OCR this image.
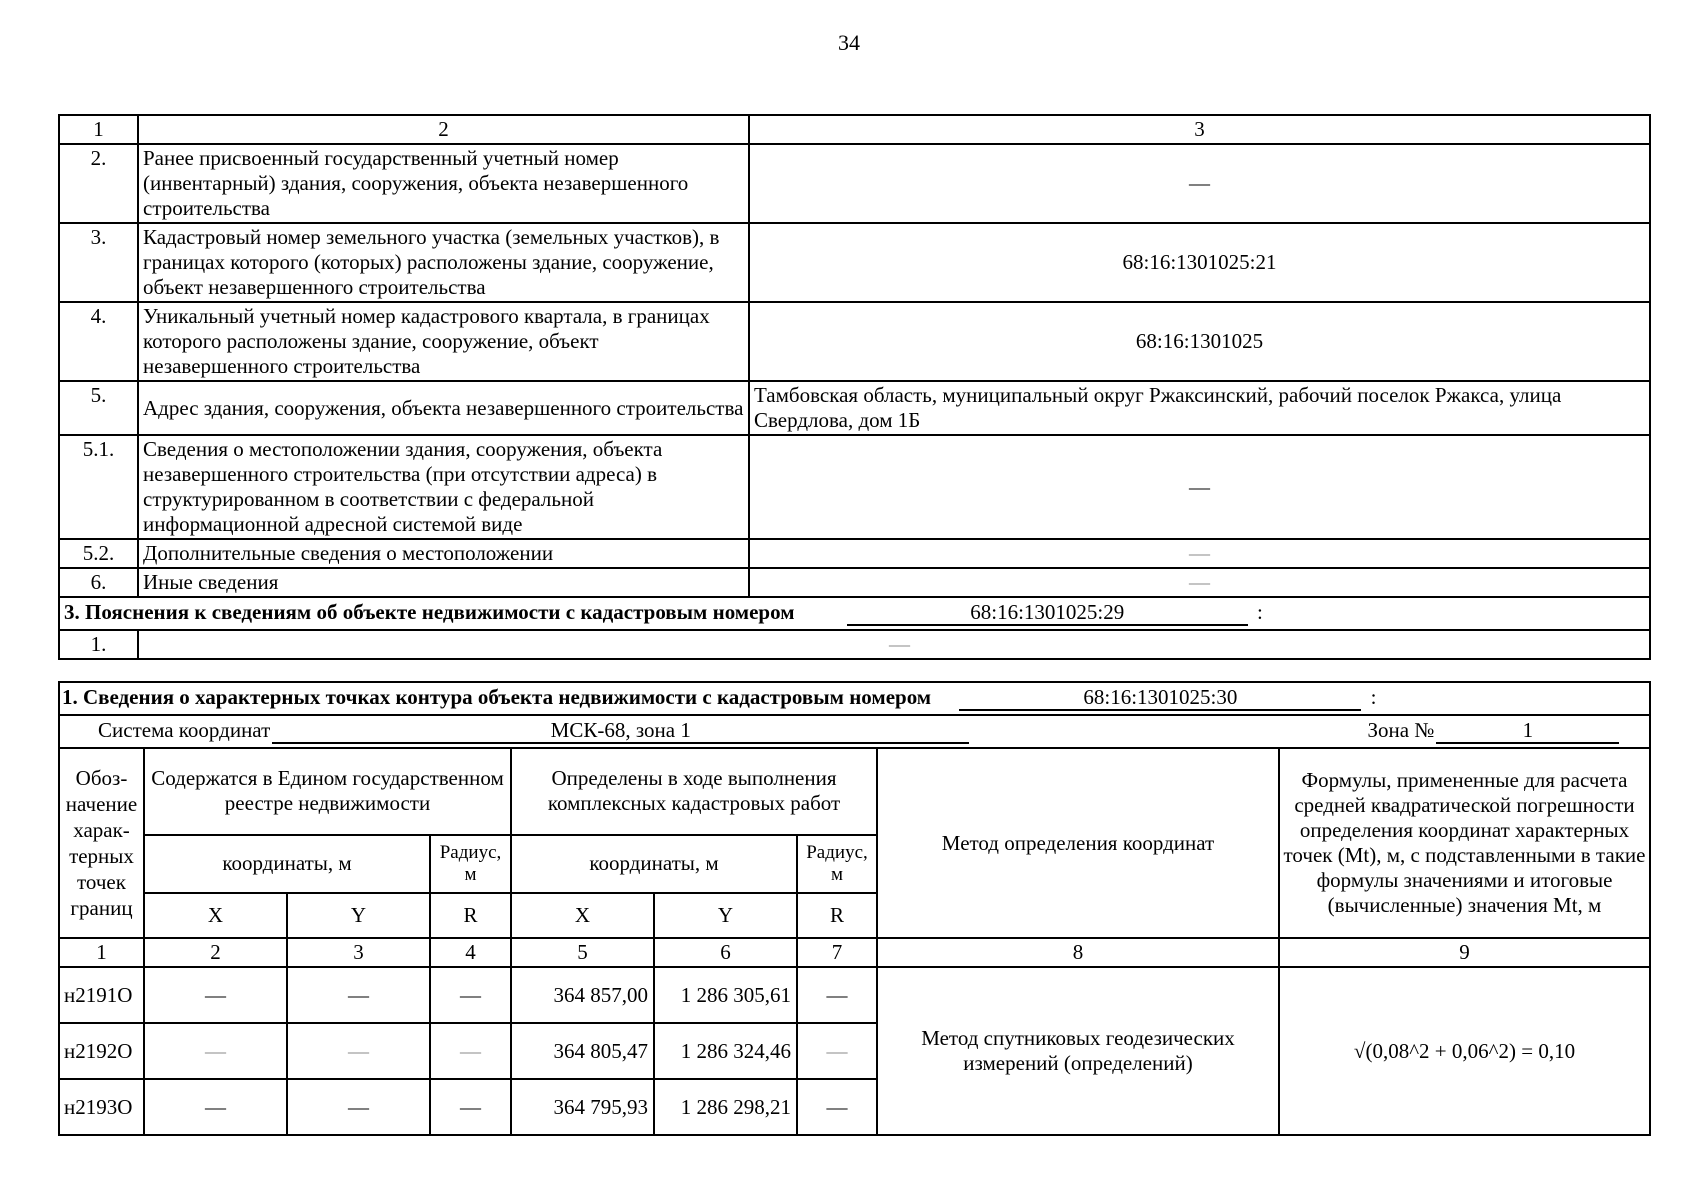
34
1	2	3
2.	Ранее присвоенный государственный учетный номер (инвентарный) здания, сооружения, объекта незавершенного строительства	—
3.	Кадастровый номер земельного участка (земельных участков), в границах которого (которых) расположены здание, сооружение, объект незавершенного строительства	68:16:1301025:21
4.	Уникальный учетный номер кадастрового квартала, в границах которого расположены здание, сооружение, объект незавершенного строительства	68:16:1301025
5.	Адрес здания, сооружения, объекта незавершенного строительства	Тамбовская область, муниципальный округ Ржаксинский, рабочий поселок Ржакса, улица Свердлова, дом 1Б
5.1.	Сведения о местоположении здания, сооружения, объекта незавершенного строительства (при отсутствии адреса) в структурированном в соответствии с федеральной информационной адресной системой виде	—
5.2.	Дополнительные сведения о местоположении	—
6.	Иные сведения	—
3. Пояснения к сведениям об объекте недвижимости с кадастровым номером 68:16:1301025:29 :		
1.	—	
1. Сведения о характерных точках контура объекта недвижимости с кадастровым номером 68:16:1301025:30 :								
Система координат МСК-68, зона 1 Зона № 1								
Обоз-начение харак-терных точек границ	Содержатся в Едином государственном реестре недвижимости			Определены в ходе выполнения комплексных кадастровых работ			Метод определения координат	Формулы, примененные для расчета средней квадратической погрешности определения координат характерных точек (Mt), м, с подставленными в такие формулы значениями и итоговые (вычисленные) значения Mt, м
	координаты, м		Радиус, м	координаты, м		Радиус, м		
	X	Y	R	X	Y	R		
1	2	3	4	5	6	7	8	9
н2191О	—	—	—	364 857,00	1 286 305,61	—	Метод спутниковых геодезических измерений (определений)	√(0,08^2 + 0,06^2) = 0,10
н2192О	—	—	—	364 805,47	1 286 324,46	—		
н2193О	—	—	—	364 795,93	1 286 298,21	—		
